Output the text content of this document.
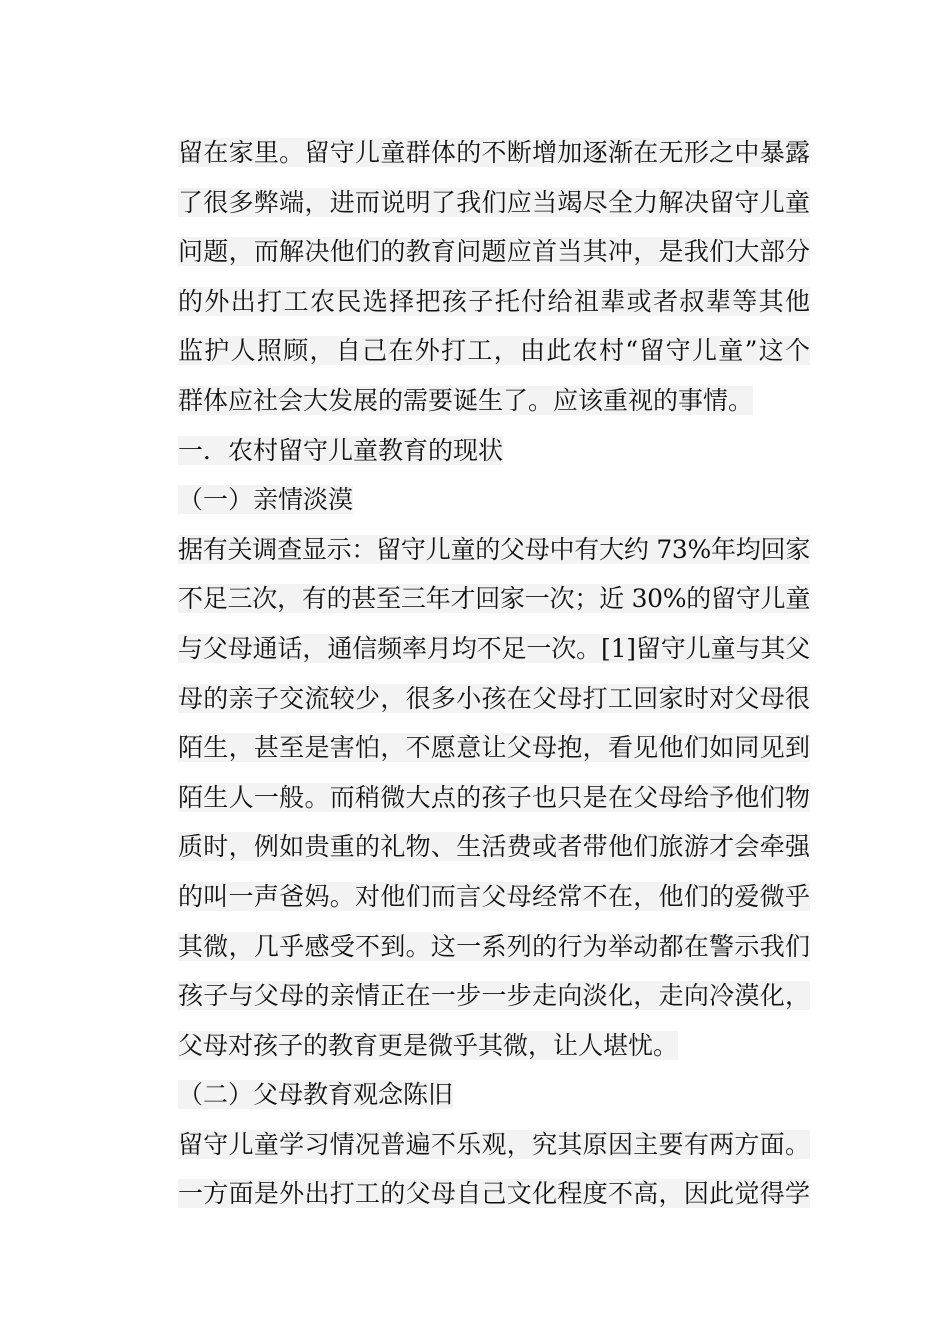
留在家里。留守儿童群体的不断增加逐渐在无形之中暴露
了很多弊端，进而说明了我们应当竭尽全力解决留守儿童
问题，而解决他们的教育问题应首当其冲，是我们大部分
的外出打工农民选择把孩子托付给祖辈或者叔辈等其他
监护人照顾，自己在外打工，由此农村“留守儿童”这个
群体应社会大发展的需要诞生了。应该重视的事情。
一．农村留守儿童教育的现状
（一）亲情淡漠
据有关调查显示：留守儿童的父母中有大约 73%年均回家
不足三次，有的甚至三年才回家一次；近 30%的留守儿童
与父母通话，通信频率月均不足一次。[1]留守儿童与其父
母的亲子交流较少，很多小孩在父母打工回家时对父母很
陌生，甚至是害怕，不愿意让父母抱，看见他们如同见到
陌生人一般。而稍微大点的孩子也只是在父母给予他们物
质时，例如贵重的礼物、生活费或者带他们旅游才会牵强
的叫一声爸妈。对他们而言父母经常不在，他们的爱微乎
其微，几乎感受不到。这一系列的行为举动都在警示我们
孩子与父母的亲情正在一步一步走向淡化，走向冷漠化，
父母对孩子的教育更是微乎其微，让人堪忧。
（二）父母教育观念陈旧
留守儿童学习情况普遍不乐观，究其原因主要有两方面。
一方面是外出打工的父母自己文化程度不高，因此觉得学
